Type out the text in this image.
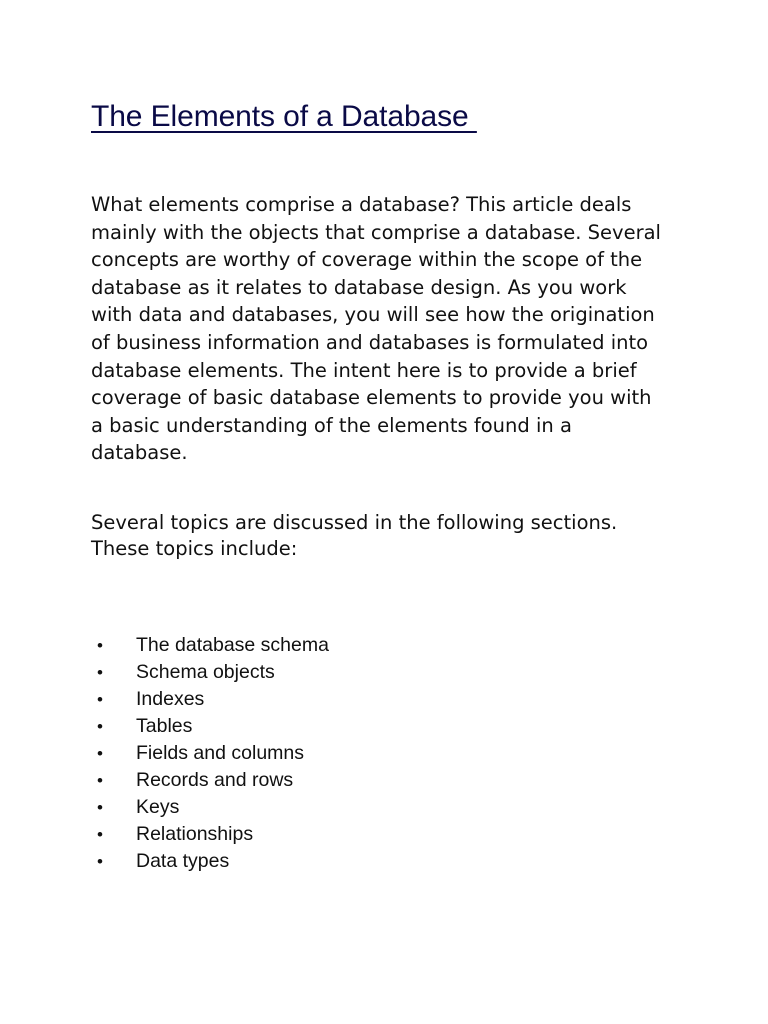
The Elements of a Database

What elements comprise a database? This article deals
mainly with the objects that comprise a database. Several
concepts are worthy of coverage within the scope of the
database as it relates to database design. As you work
with data and databases, you will see how the origination
of business information and databases is formulated into
database elements. The intent here is to provide a brief
coverage of basic database elements to provide you with
a basic understanding of the elements found in a
database.

Several topics are discussed in the following sections.
These topics include:

•

The database schema

•

Schema objects

•

Indexes

•

Tables

•

Fields and columns

•

Records and rows

•

Keys

•

Relationships

•

Data types
